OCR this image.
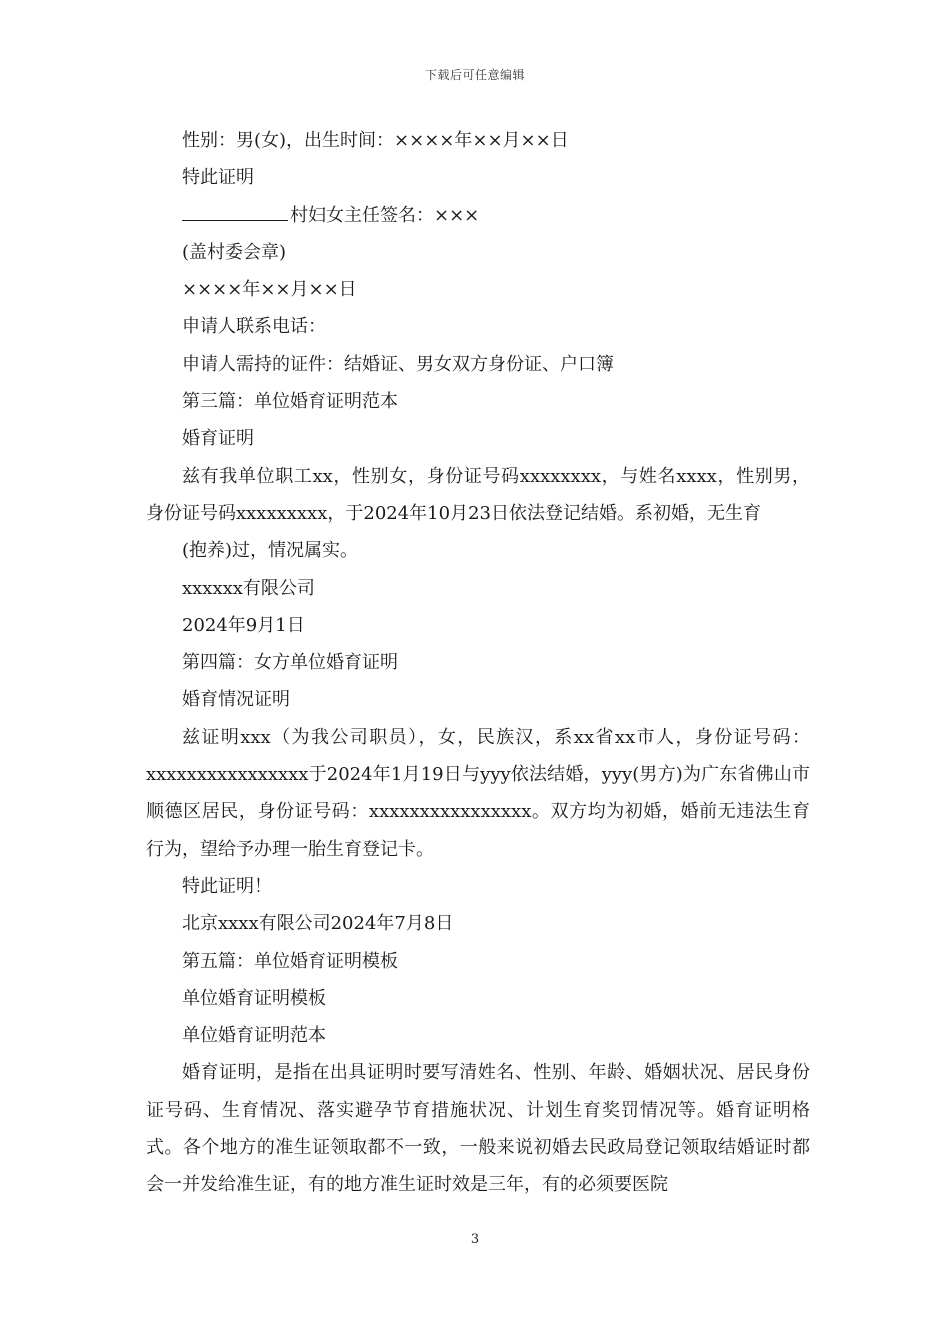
下载后可任意编辑

性别：男(女)，出生时间：××××年××月××日

特此证明

村妇女主任签名：×××

(盖村委会章)

××××年××月××日

申请人联系电话：

申请人需持的证件：结婚证、男女双方身份证、户口簿

第三篇：单位婚育证明范本

婚育证明

兹有我单位职工xx，性别女，身份证号码xxxxxxxx，与姓名xxxx，性别男，身份证号码xxxxxxxxx，于2024年10月23日依法登记结婚。系初婚，无生育

(抱养)过，情况属实。

xxxxxx有限公司

2024年9月1日

第四篇：女方单位婚育证明

婚育情况证明

兹证明xxx（为我公司职员），女，民族汉，系xx省xx市人，身份证号码：xxxxxxxxxxxxxxxx于2024年1月19日与yyy依法结婚，yyy(男方)为广东省佛山市顺德区居民，身份证号码：xxxxxxxxxxxxxxxx。双方均为初婚，婚前无违法生育行为，望给予办理一胎生育登记卡。

特此证明！

北京xxxx有限公司2024年7月8日

第五篇：单位婚育证明模板

单位婚育证明模板

单位婚育证明范本

婚育证明，是指在出具证明时要写清姓名、性别、年龄、婚姻状况、居民身份证号码、生育情况、落实避孕节育措施状况、计划生育奖罚情况等。婚育证明格式。各个地方的准生证领取都不一致，一般来说初婚去民政局登记领取结婚证时都会一并发给准生证，有的地方准生证时效是三年，有的必须要医院

3
